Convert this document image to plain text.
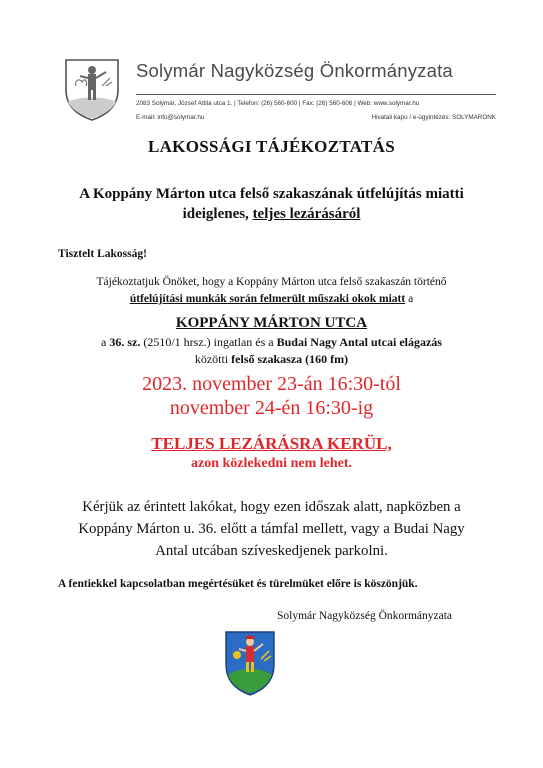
Solymár Nagyközség Önkormányzata
2083 Solymár, József Attila utca 1. | Telefon: (26) 560-600 | Fax: (26) 560-606 | Web: www.solymar.hu
E-mail: info@solymar.hu	Hivatali kapu / e-ügyintézés: SOLYMARONK
LAKOSSÁGI TÁJÉKOZTATÁS
A Koppány Márton utca felső szakaszának útfelújítás miatti
ideiglenes, teljes lezárásáról
Tisztelt Lakosság!
Tájékoztatjuk Önöket, hogy a Koppány Márton utca felső szakaszán történő
útfelújítási munkák során felmerült műszaki okok miatt a
KOPPÁNY MÁRTON UTCA
a 36. sz. (2510/1 hrsz.) ingatlan és a Budai Nagy Antal utcai elágazás
közötti felső szakasza (160 fm)
2023. november 23-án 16:30-tól
november 24-én 16:30-ig
TELJES LEZÁRÁSRA KERÜL,
azon közlekedni nem lehet.
Kérjük az érintett lakókat, hogy ezen időszak alatt, napközben a
Koppány Márton u. 36. előtt a támfal mellett, vagy a Budai Nagy
Antal utcában szíveskedjenek parkolni.
A fentiekkel kapcsolatban megértésüket és türelmüket előre is köszönjük.
Solymár Nagyközség Önkormányzata
